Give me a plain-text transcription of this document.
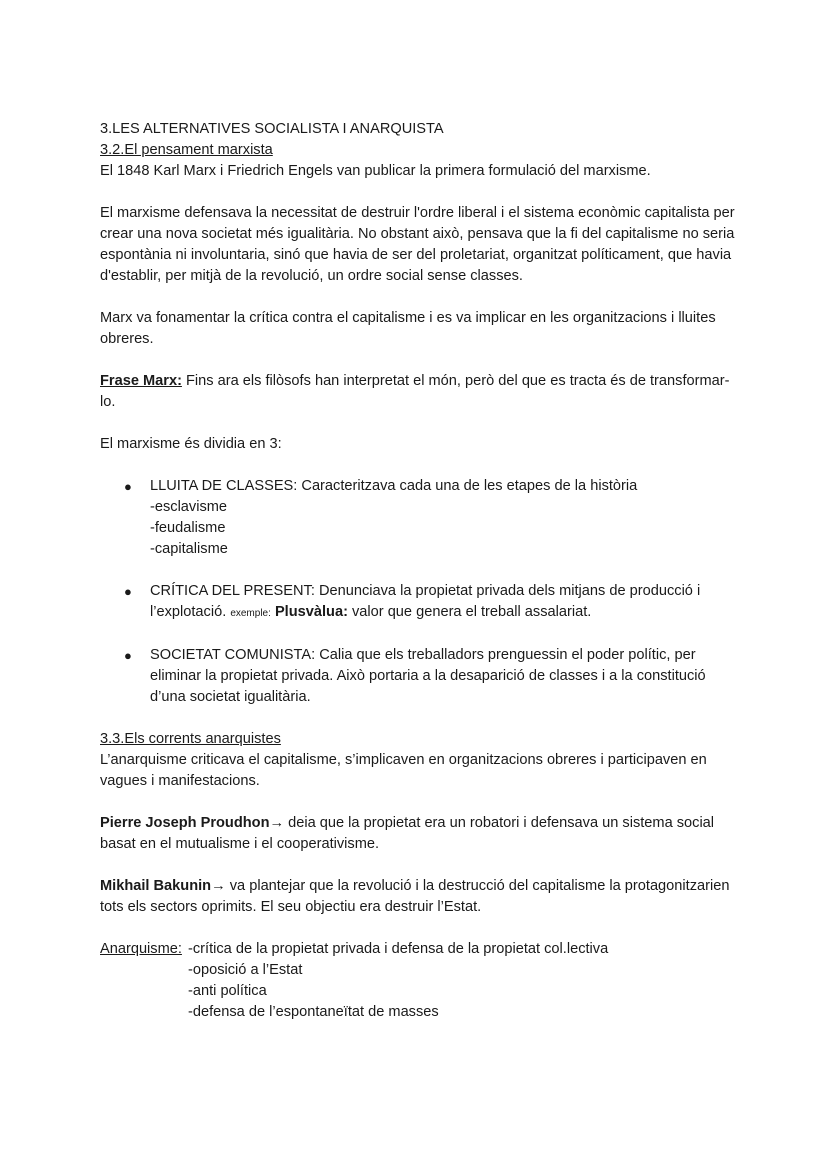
3.LES ALTERNATIVES SOCIALISTA I ANARQUISTA

3.2.El pensament marxista

El 1848 Karl Marx i Friedrich Engels van publicar la primera formulació del marxisme.

El marxisme defensava la necessitat de destruir l'ordre liberal i el sistema econòmic capitalista per crear una nova societat més igualitària. No obstant això, pensava que la fi del capitalisme no seria espontània ni involuntaria, sinó que havia de ser del proletariat, organitzat políticament, que havia d'establir, per mitjà de la revolució, un ordre social sense classes.

Marx va fonamentar la crítica contra el capitalisme i es va implicar en les organitzacions i lluites obreres.

Frase Marx: Fins ara els filòsofs han interpretat el món, però del que es tracta és de transformar-lo.

El marxisme és dividia en 3:

● LLUITA DE CLASSES: Caracteritzava cada una de les etapes de la història
-esclavisme
-feudalisme
-capitalisme
● CRÍTICA DEL PRESENT: Denunciava la propietat privada dels mitjans de producció i l’explotació. exemple: Plusvàlua: valor que genera el treball assalariat.
● SOCIETAT COMUNISTA: Calia que els treballadors prenguessin el poder polític, per eliminar la propietat privada. Això portaria a la desaparició de classes i a la constitució d’una societat igualitària.

3.3.Els corrents anarquistes

L’anarquisme criticava el capitalisme, s’implicaven en organitzacions obreres i participaven en vagues i manifestacions.

Pierre Joseph Proudhon→ deia que la propietat era un robatori i defensava un sistema social basat en el mutualisme i el cooperativisme.

Mikhail Bakunin→ va plantejar que la revolució i la destrucció del capitalisme la protagonitzarien tots els sectors oprimits. El seu objectiu era destruir l’Estat.

Anarquisme: -crítica de la propietat privada i defensa de la propietat col.lectiva
-oposició a l’Estat
-anti política
-defensa de l’espontaneïtat de masses
